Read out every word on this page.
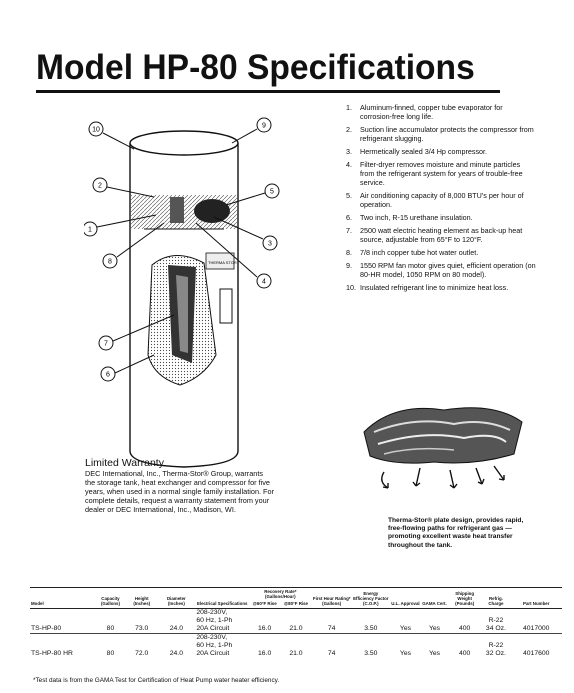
Model HP-80 Specifications
THERMA STOR
10
9
2
5
1
3
8
4
7
6
1. Aluminum-finned, copper tube evaporator for corrosion-free long life.
2. Suction line accumulator protects the compressor from refrigerant slugging.
3. Hermetically sealed 3/4 Hp compressor.
4. Filter-dryer removes moisture and minute particles from the refrigerant system for years of trouble-free service.
5. Air conditioning capacity of 8,000 BTU's per hour of operation.
6. Two inch, R-15 urethane insulation.
7. 2500 watt electric heating element as back-up heat source, adjustable from 65°F to 120°F.
8. 7/8 inch copper tube hot water outlet.
9. 1550 RPM fan motor gives quiet, efficient operation (on 80-HR model, 1050 RPM on 80 model).
10. Insulated refrigerant line to minimize heat loss.
Therma-Stor® plate design, provides rapid, free-flowing paths for refrigerant gas — promoting excellent waste heat transfer throughout the tank.
Limited Warranty
DEC International, Inc., Therma-Stor® Group, warrants the storage tank, heat exchanger and compressor for five years, when used in a normal single family installation. For complete details, request a warranty statement from your dealer or DEC International, Inc., Madison, WI.
Model	Capacity (Gallons)	Height (Inches)	Diameter (Inches)	Electrical Specifications	Recovery Rate* (Gallons/Hour)		First Hour Rating* (Gallons)	Energy Efficiency Factor (C.O.P.)	U.L. Approval	GAMA Cert.	Shipping Weight (Pounds)	Refrig. Charge	Part Number
					@60°F Rise	@80°F Rise							
				208-230V,									
				60 Hz, 1-Ph								R-22	
TS-HP-80	80	73.0	24.0	20A Circuit	16.0	21.0	74	3.50	Yes	Yes	400	34 Oz.	4017000
				208-230V,									
				60 Hz, 1-Ph								R-22	
TS-HP-80 HR	80	72.0	24.0	20A Circuit	16.0	21.0	74	3.50	Yes	Yes	400	32 Oz.	4017600
*Test data is from the GAMA Test for Certification of Heat Pump water heater efficiency.
